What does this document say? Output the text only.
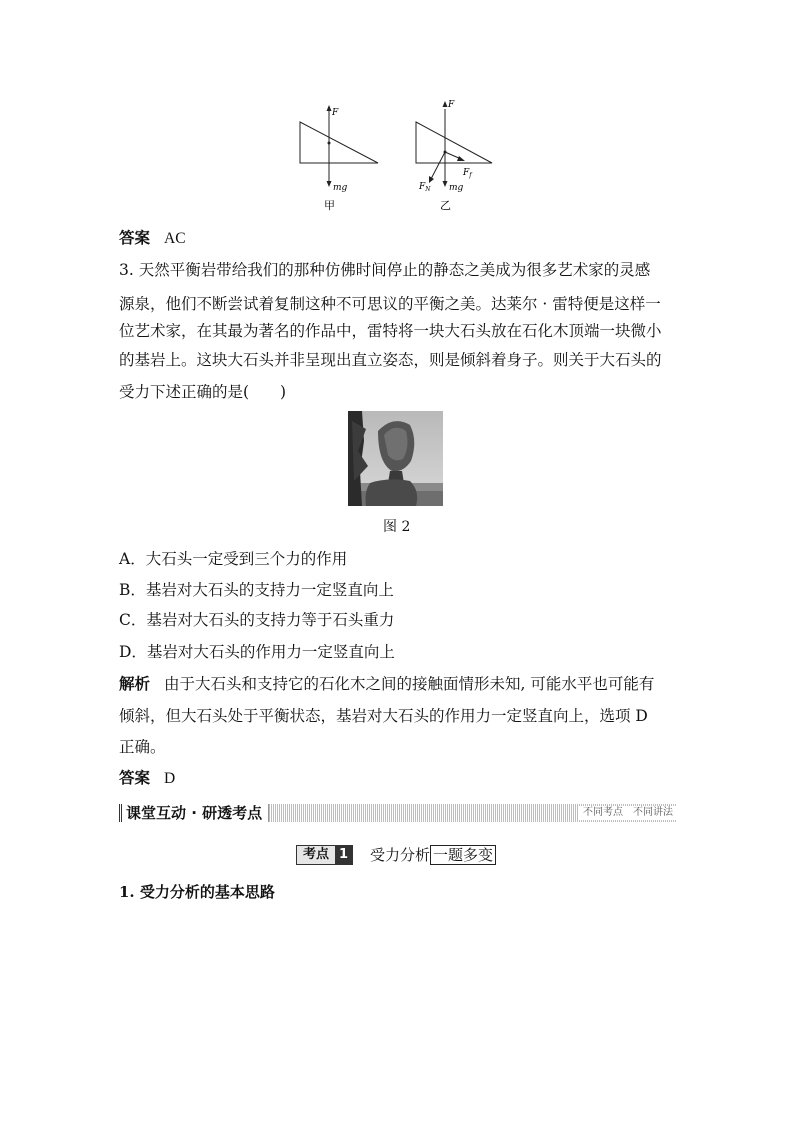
F
mg
甲
F
mg
$F_N$
$F_f$
乙
答案 AC
3. 天然平衡岩带给我们的那种仿佛时间停止的静态之美成为很多艺术家的灵感
源泉，他们不断尝试着复制这种不可思议的平衡之美。达莱尔 · 雷特便是这样一
位艺术家，在其最为著名的作品中，雷特将一块大石头放在石化木顶端一块微小
的基岩上。这块大石头并非呈现出直立姿态，则是倾斜着身子。则关于大石头的
受力下述正确的是(　　)
图 2
A．大石头一定受到三个力的作用
B．基岩对大石头的支持力一定竖直向上
C．基岩对大石头的支持力等于石头重力
D．基岩对大石头的作用力一定竖直向上
解析 由于大石头和支持它的石化木之间的接触面情形未知, 可能水平也可能有
倾斜，但大石头处于平衡状态，基岩对大石头的作用力一定竖直向上，选项 D
正确。
答案 D
课堂互动 · 研透考点	不同考点　不同讲法
考点 1 受力分析 一题多变
1. 受力分析的基本思路
